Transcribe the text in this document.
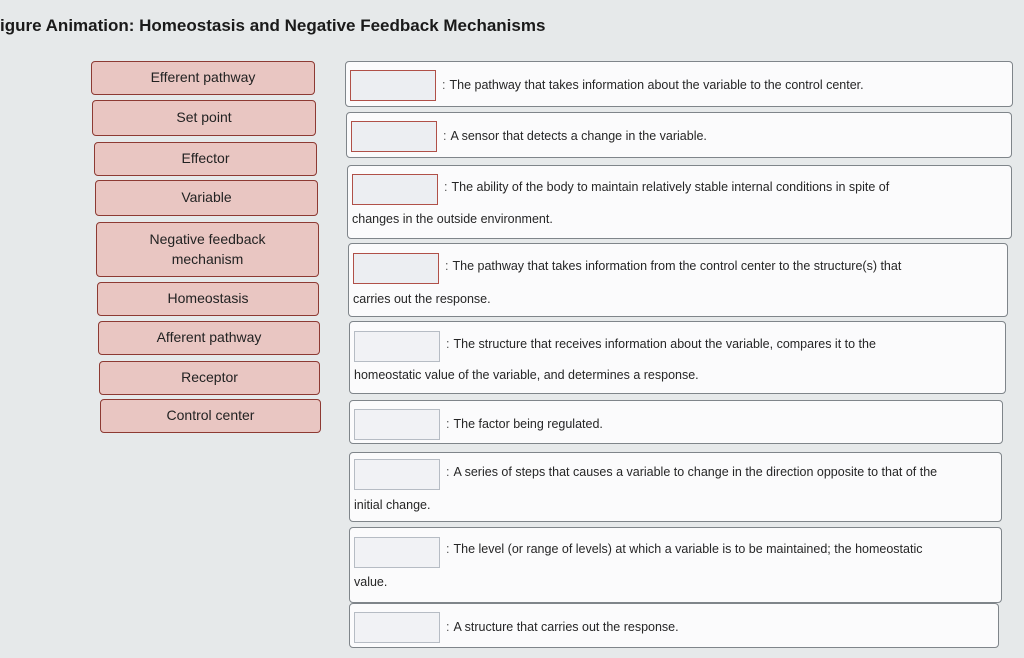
igure Animation: Homeostasis and Negative Feedback Mechanisms
Efferent pathway
Set point
Effector
Variable
Negative feedback
mechanism
Homeostasis
Afferent pathway
Receptor
Control center
: The pathway that takes information about the variable to the control center.
: A sensor that detects a change in the variable.
: The ability of the body to maintain relatively stable internal conditions in spite of
changes in the outside environment.
: The pathway that takes information from the control center to the structure(s) that
carries out the response.
: The structure that receives information about the variable, compares it to the
homeostatic value of the variable, and determines a response.
: The factor being regulated.
: A series of steps that causes a variable to change in the direction opposite to that of the
initial change.
: The level (or range of levels) at which a variable is to be maintained; the homeostatic
value.
: A structure that carries out the response.
